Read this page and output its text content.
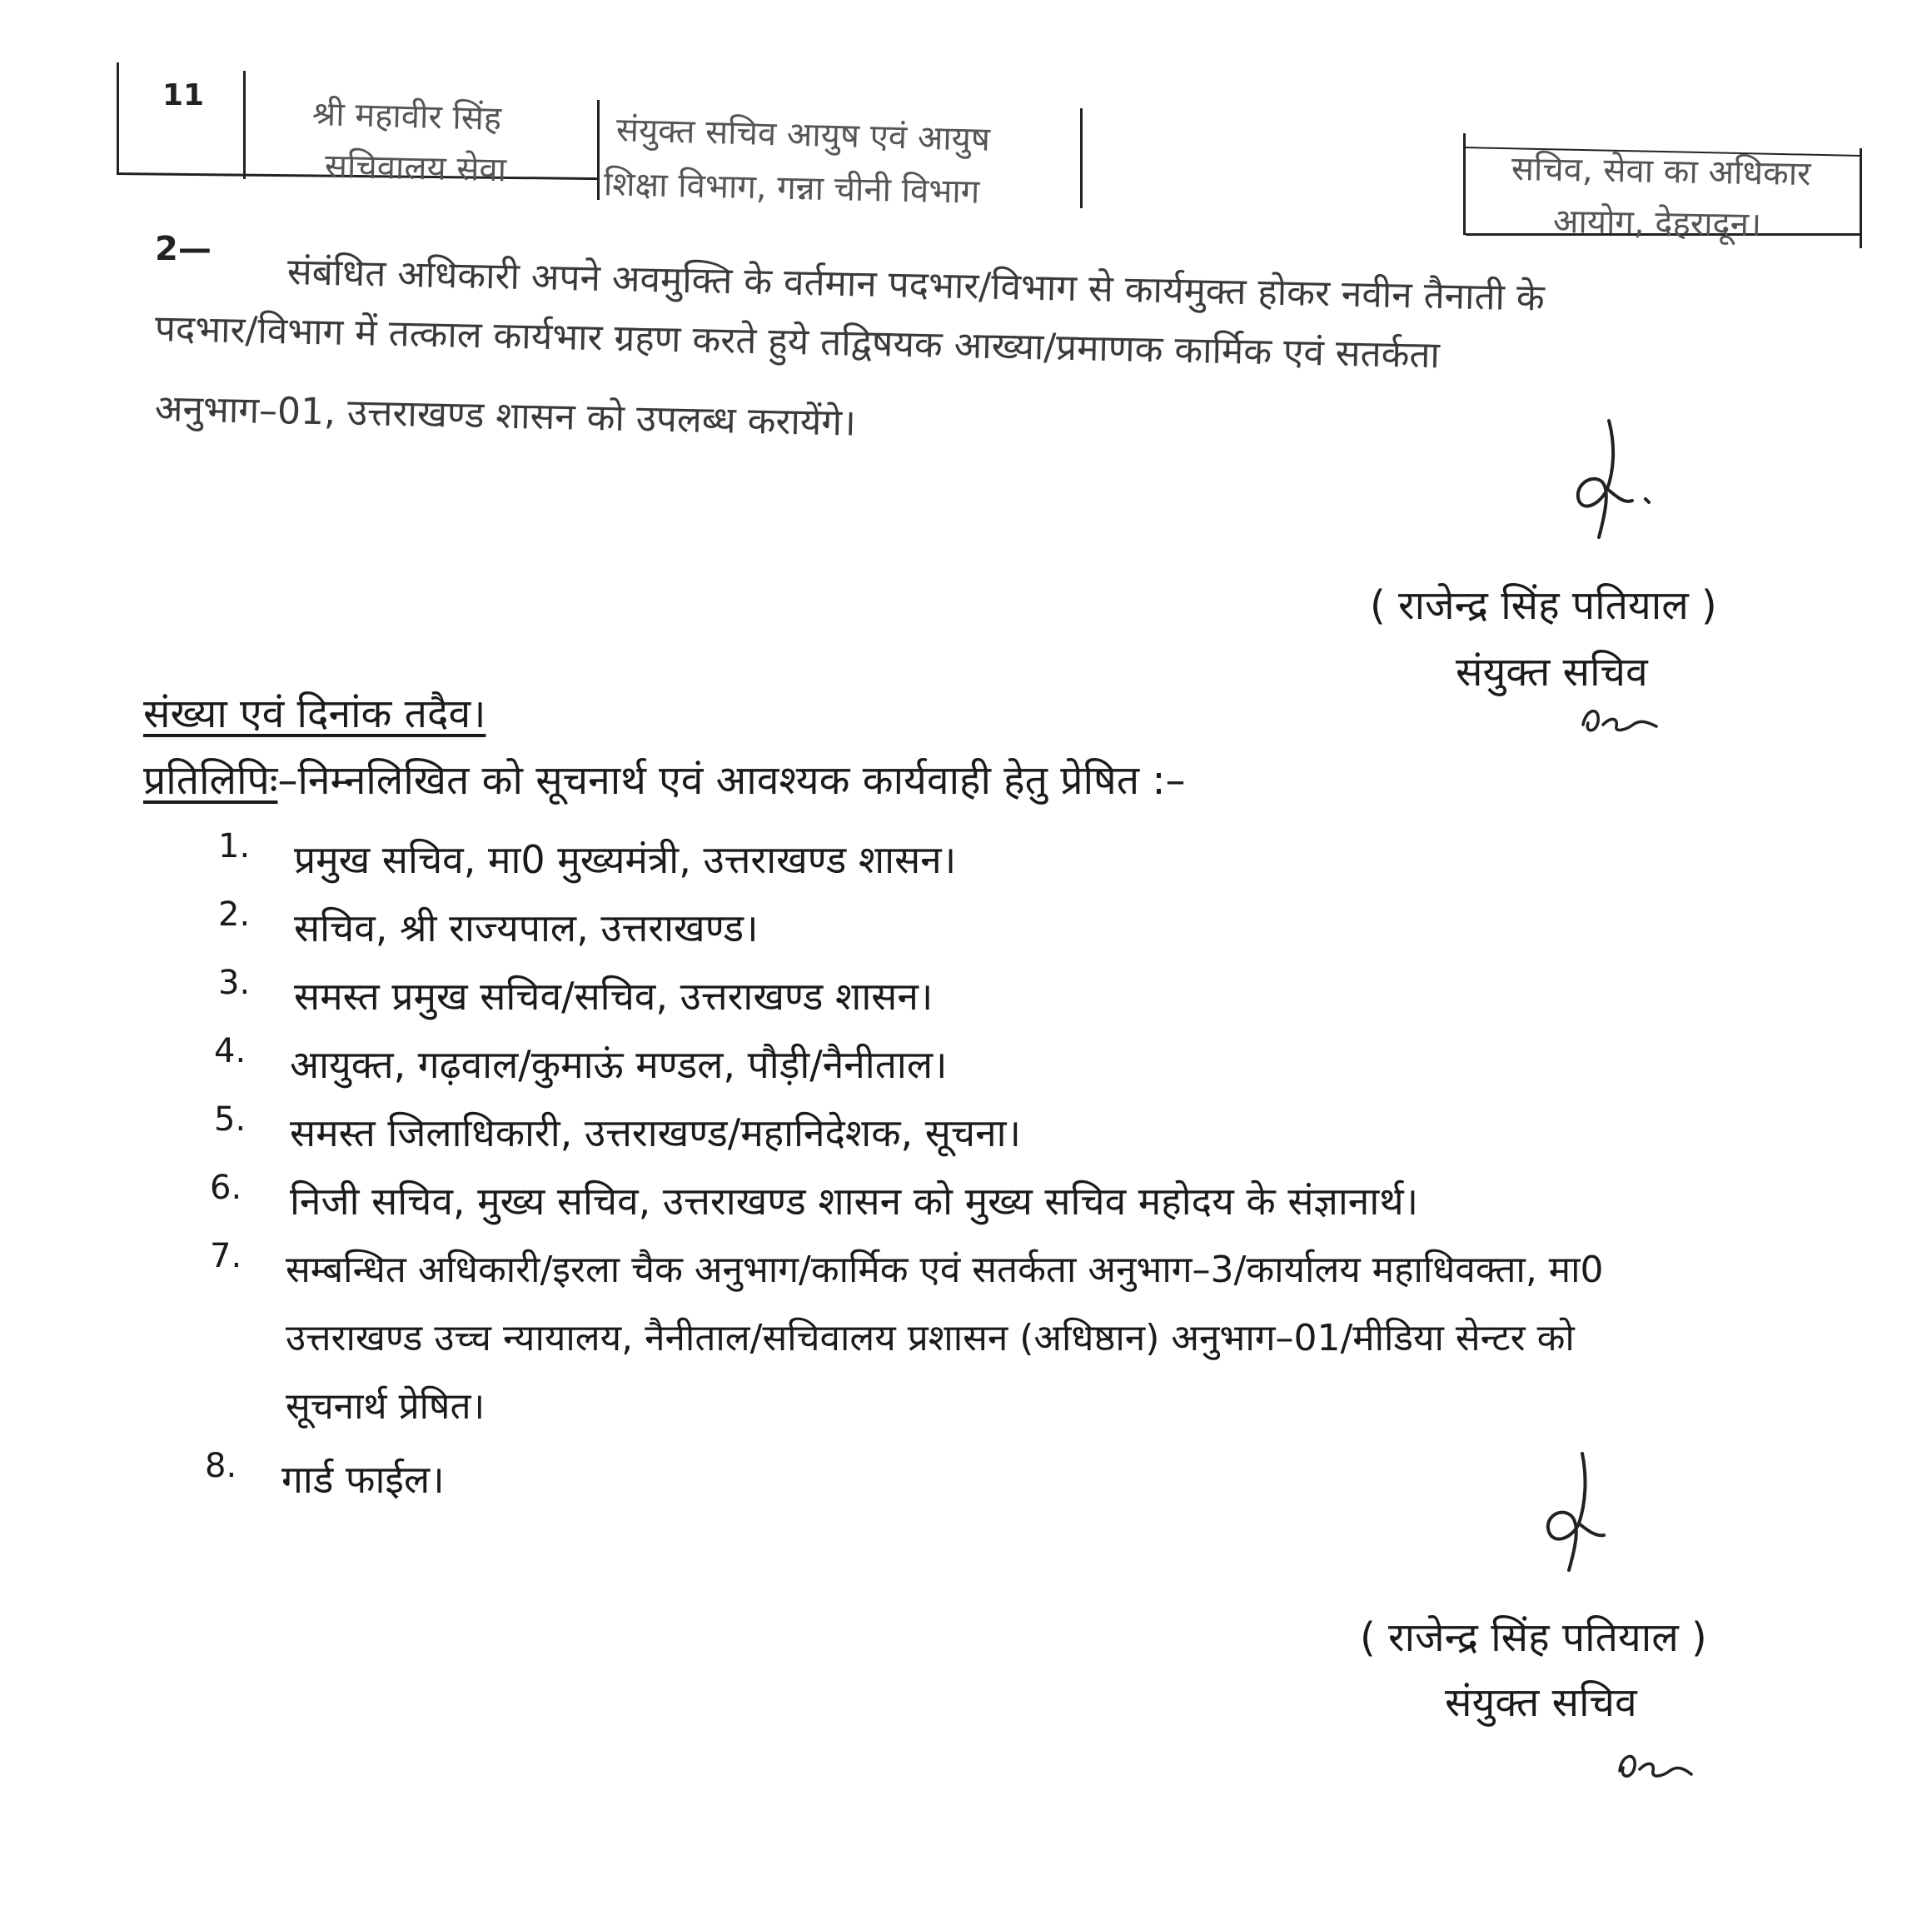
11	श्री महावीर सिंह
सचिवालय सेवा
संयुक्त सचिव आयुष एवं आयुष
शिक्षा विभाग, गन्ना चीनी विभाग	सचिव, सेवा का अधिकार
आयोग, देहरादून।
2—
संबंधित अधिकारी अपने अवमुक्ति के वर्तमान पदभार/विभाग से कार्यमुक्त होकर नवीन तैनाती के
पदभार/विभाग में तत्काल कार्यभार ग्रहण करते हुये तद्विषयक आख्या/प्रमाणक कार्मिक एवं सतर्कता
अनुभाग–01, उत्तराखण्ड शासन को उपलब्ध करायेंगे।
( राजेन्द्र सिंह पतियाल )
संयुक्त सचिव
संख्या एवं दिनांक तदैव।
प्रतिलिपिः–निम्नलिखित को सूचनार्थ एवं आवश्यक कार्यवाही हेतु प्रेषित :–
1. प्रमुख सचिव, मा0 मुख्यमंत्री, उत्तराखण्ड शासन।
2. सचिव, श्री राज्यपाल, उत्तराखण्ड।
3. समस्त प्रमुख सचिव/सचिव, उत्तराखण्ड शासन।
4. आयुक्त, गढ़वाल/कुमाऊं मण्डल, पौड़ी/नैनीताल।
5. समस्त जिलाधिकारी, उत्तराखण्ड/महानिदेशक, सूचना।
6. निजी सचिव, मुख्य सचिव, उत्तराखण्ड शासन को मुख्य सचिव महोदय के संज्ञानार्थ।
7. सम्बन्धित अधिकारी/इरला चैक अनुभाग/कार्मिक एवं सतर्कता अनुभाग–3/कार्यालय महाधिवक्ता, मा0
उत्तराखण्ड उच्च न्यायालय, नैनीताल/सचिवालय प्रशासन (अधिष्ठान) अनुभाग–01/मीडिया सेन्टर को
सूचनार्थ प्रेषित।
8. गार्ड फाईल।
( राजेन्द्र सिंह पतियाल )
संयुक्त सचिव
